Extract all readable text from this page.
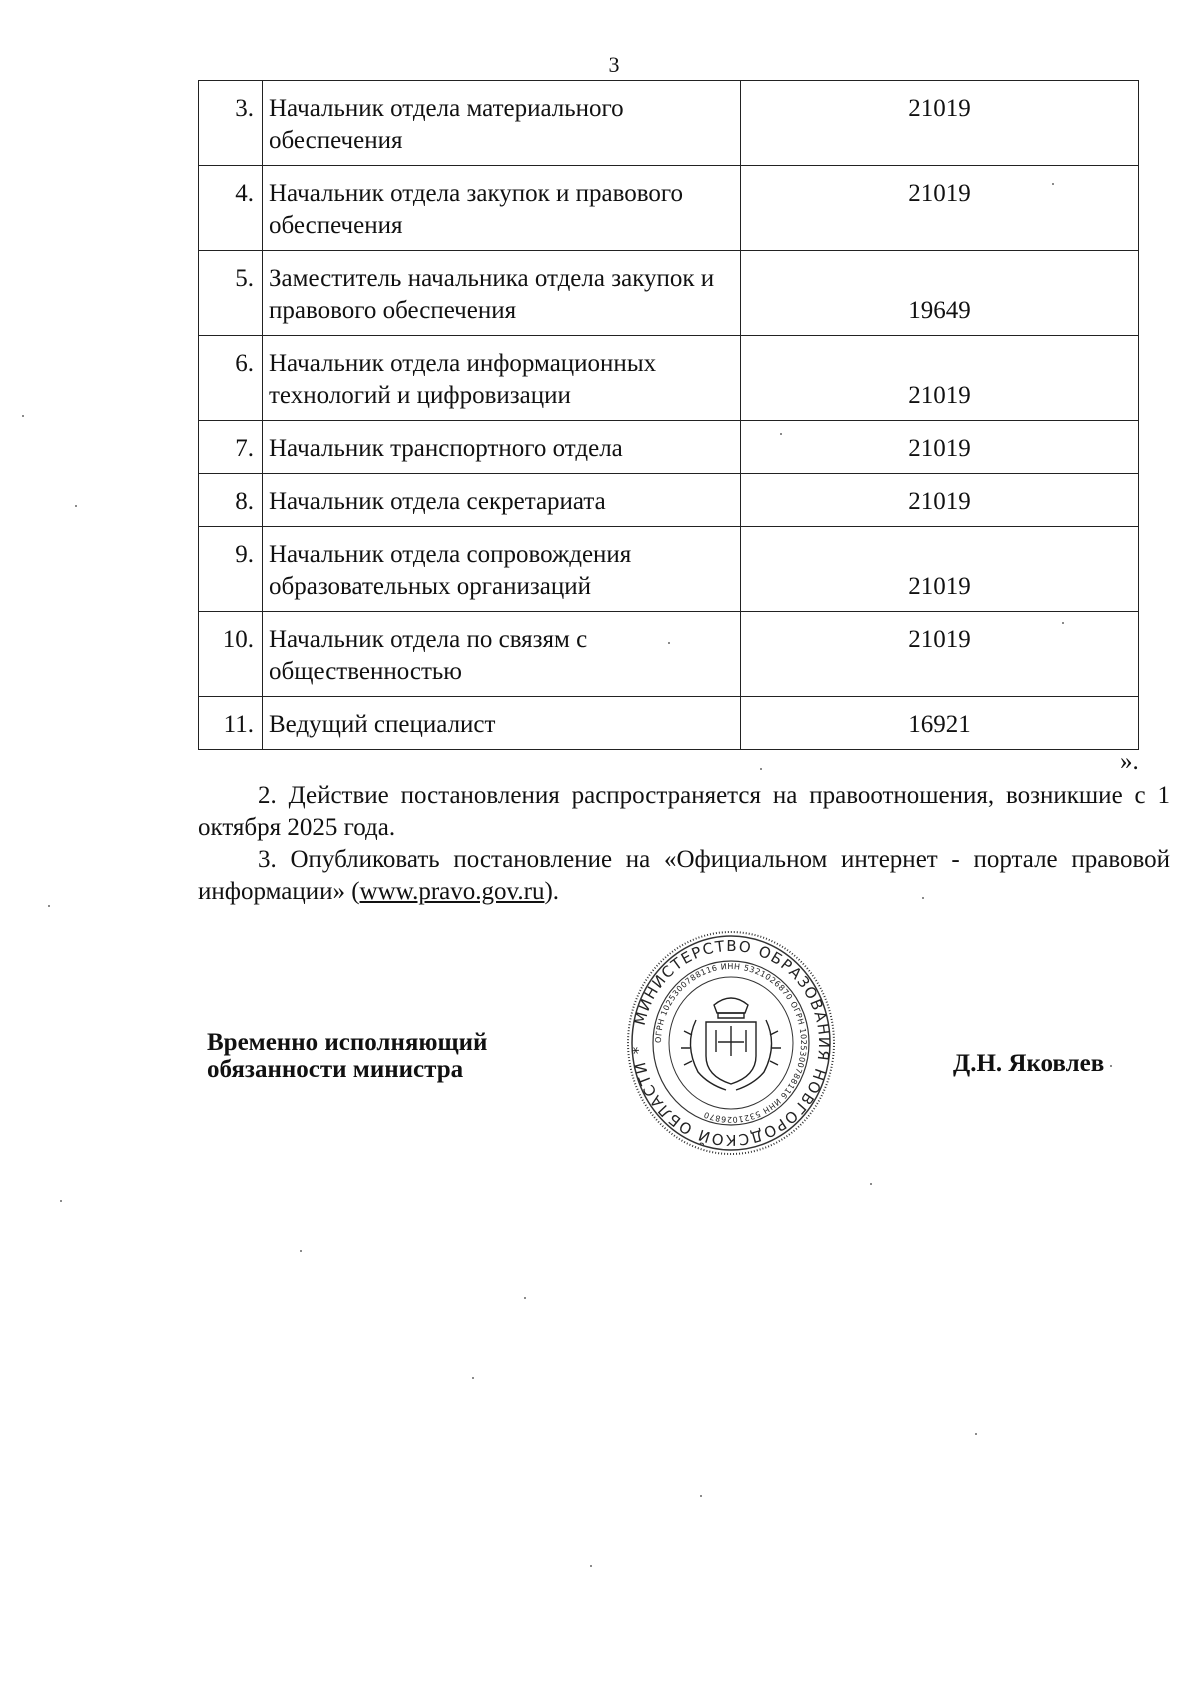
3
3.	Начальник отдела материального обеспечения	21019
4.	Начальник отдела закупок и правового обеспечения	21019
5.	Заместитель начальника отдела закупок и правового обеспечения	19649
6.	Начальник отдела информационных технологий и цифровизации	21019
7.	Начальник транспортного отдела	21019
8.	Начальник отдела секретариата	21019
9.	Начальник отдела сопровождения образовательных организаций	21019
10.	Начальник отдела по связям с общественностью	21019
11.	Ведущий специалист	16921
».
2. Действие постановления распространяется на правоотношения, возникшие с 1 октября 2025 года.
3. Опубликовать постановление на «Официальном интернет - портале правовой информации» (www.pravo.gov.ru).
Временно исполняющий
обязанности министра	Д.Н. Яковлев
МИНИСТЕРСТВО ОБРАЗОВАНИЯ НОВГОРОДСКОЙ ОБЛАСТИ *
ОГРН 1025300788116 ИНН 5321026870 ОГРН 1025300788116 ИНН 5321026870
